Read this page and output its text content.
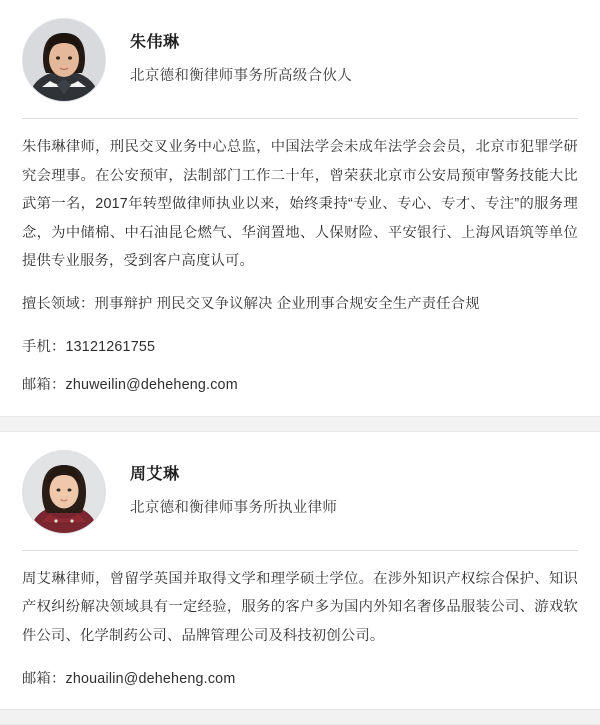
朱伟琳
北京德和衡律师事务所高级合伙人
朱伟琳律师，刑民交叉业务中心总监，中国法学会未成年法学会会员，北京市犯罪学研究会理事。在公安预审，法制部门工作二十年，曾荣获北京市公安局预审警务技能大比武第一名，2017年转型做律师执业以来，始终秉持“专业、专心、专才、专注”的服务理念，为中储棉、中石油昆仑燃气、华润置地、人保财险、平安银行、上海风语筑等单位提供专业服务，受到客户高度认可。
擅长领域：刑事辩护 刑民交叉争议解决 企业刑事合规安全生产责任合规
手机：13121261755
邮箱：zhuweilin@deheheng.com
周艾琳
北京德和衡律师事务所执业律师
周艾琳律师，曾留学英国并取得文学和理学硕士学位。在涉外知识产权综合保护、知识产权纠纷解决领域具有一定经验，服务的客户多为国内外知名奢侈品服装公司、游戏软件公司、化学制药公司、品牌管理公司及科技初创公司。
邮箱：zhouailin@deheheng.com
